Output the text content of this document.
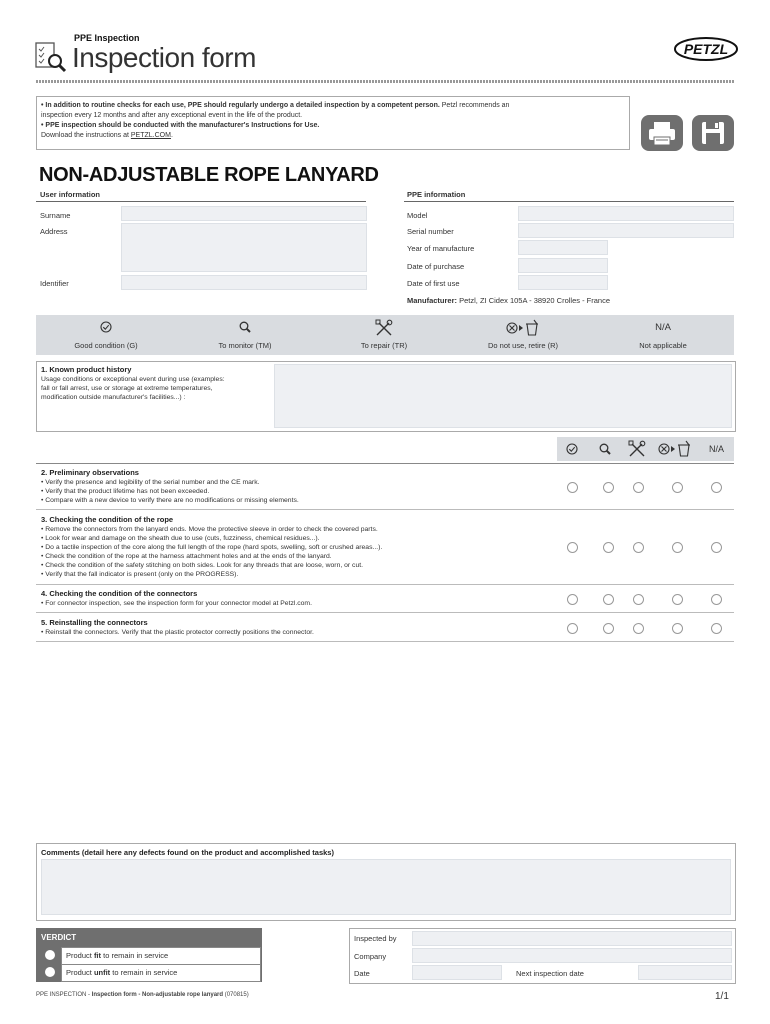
PPE Inspection
Inspection form	PETZL
• In addition to routine checks for each use, PPE should regularly undergo a detailed inspection by a competent person. Petzl recommends an
inspection every 12 months and after any exceptional event in the life of the product.
• PPE inspection should be conducted with the manufacturer's Instructions for Use.
Download the instructions at PETZL.COM.
NON-ADJUSTABLE ROPE LANYARD
User information
Surname
Address
Identifier
PPE information
Model
Serial number
Year of manufacture
Date of purchase
Date of first use
Manufacturer: Petzl, ZI Cidex 105A - 38920 Crolles - France
Good condition (G)	To monitor (TM)	To repair (TR)	Do not use, retire (R)
N/A
Not applicable
1. Known product history
Usage conditions or exceptional event during use (examples:
fall or fall arrest, use or storage at extreme temperatures,
modification outside manufacturer's facilities...) :
N/A
2. Preliminary observations
• Verify the presence and legibility of the serial number and the CE mark.
• Verify that the product lifetime has not been exceeded.
• Compare with a new device to verify there are no modifications or missing elements.
3. Checking the condition of the rope
• Remove the connectors from the lanyard ends. Move the protective sleeve in order to check the covered parts.
• Look for wear and damage on the sheath due to use (cuts, fuzziness, chemical residues...).
• Do a tactile inspection of the core along the full length of the rope (hard spots, swelling, soft or crushed areas...).
• Check the condition of the rope at the harness attachment holes and at the ends of the lanyard.
• Check the condition of the safety stitching on both sides. Look for any threads that are loose, worn, or cut.
• Verify that the fall indicator is present (only on the PROGRESS).
4. Checking the condition of the connectors
• For connector inspection, see the inspection form for your connector model at Petzl.com.
5. Reinstalling the connectors
• Reinstall the connectors. Verify that the plastic protector correctly positions the connector.
Comments (detail here any defects found on the product and accomplished tasks)
VERDICT
Product fit to remain in service
Product unfit to remain in service
Inspected by
Company
Date	Next inspection date
PPE INSPECTION - Inspection form - Non-adjustable rope lanyard (070815)	1/1
